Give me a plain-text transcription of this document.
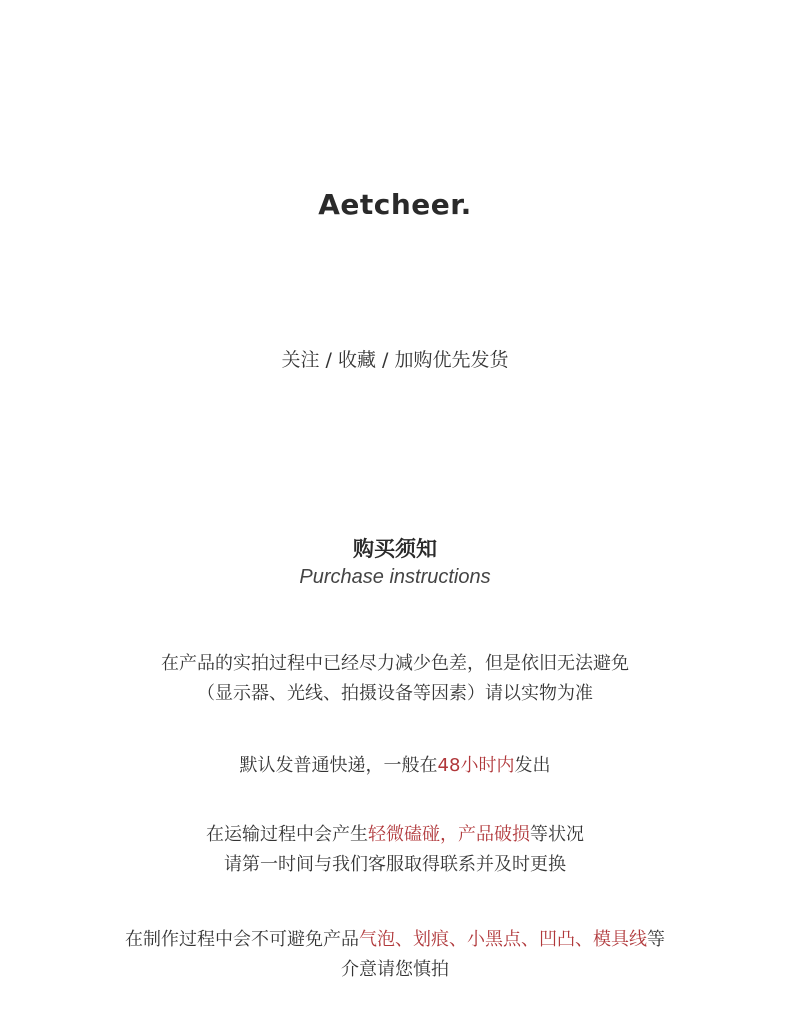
Aetcheer.
关注 / 收藏 / 加购优先发货
购买须知
Purchase instructions
在产品的实拍过程中已经尽力减少色差，但是依旧无法避免
（显示器、光线、拍摄设备等因素）请以实物为准
默认发普通快递，一般在48小时内发出
在运输过程中会产生轻微磕碰，产品破损等状况
请第一时间与我们客服取得联系并及时更换
在制作过程中会不可避免产品气泡、划痕、小黑点、凹凸、模具线等
介意请您慎拍
